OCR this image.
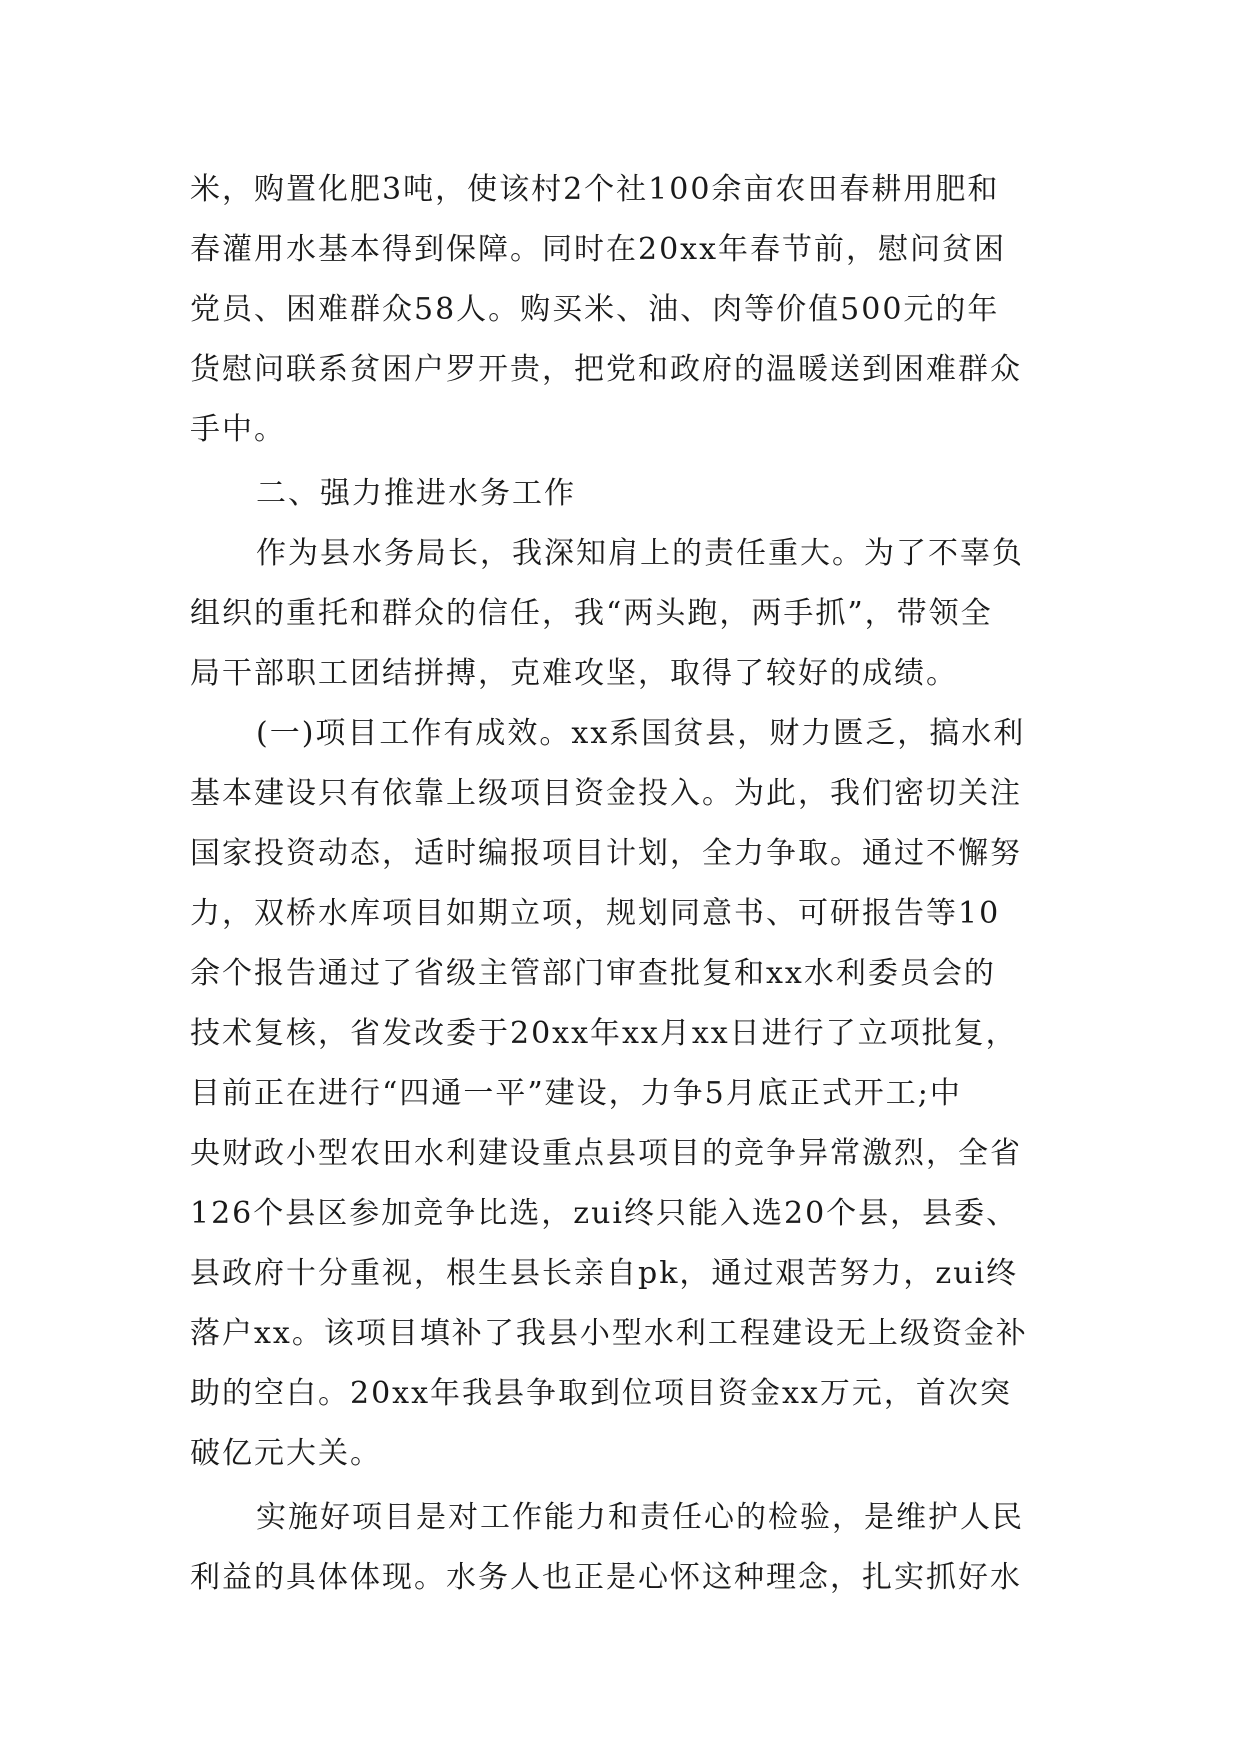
米，购置化肥3吨，使该村2个社100余亩农田春耕用肥和
春灌用水基本得到保障。同时在20xx年春节前，慰问贫困
党员、困难群众58人。购买米、油、肉等价值500元的年
货慰问联系贫困户罗开贵，把党和政府的温暖送到困难群众
手中。
二、强力推进水务工作
作为县水务局长，我深知肩上的责任重大。为了不辜负
组织的重托和群众的信任，我“两头跑，两手抓”，带领全
局干部职工团结拼搏，克难攻坚，取得了较好的成绩。
(一)项目工作有成效。xx系国贫县，财力匮乏，搞水利
基本建设只有依靠上级项目资金投入。为此，我们密切关注
国家投资动态，适时编报项目计划，全力争取。通过不懈努
力，双桥水库项目如期立项，规划同意书、可研报告等10
余个报告通过了省级主管部门审查批复和xx水利委员会的
技术复核，省发改委于20xx年xx月xx日进行了立项批复，
目前正在进行“四通一平”建设，力争5月底正式开工;中
央财政小型农田水利建设重点县项目的竞争异常激烈，全省
126个县区参加竞争比选，zui终只能入选20个县，县委、
县政府十分重视，根生县长亲自pk，通过艰苦努力，zui终
落户xx。该项目填补了我县小型水利工程建设无上级资金补
助的空白。20xx年我县争取到位项目资金xx万元，首次突
破亿元大关。
实施好项目是对工作能力和责任心的检验，是维护人民
利益的具体体现。水务人也正是心怀这种理念，扎实抓好水
